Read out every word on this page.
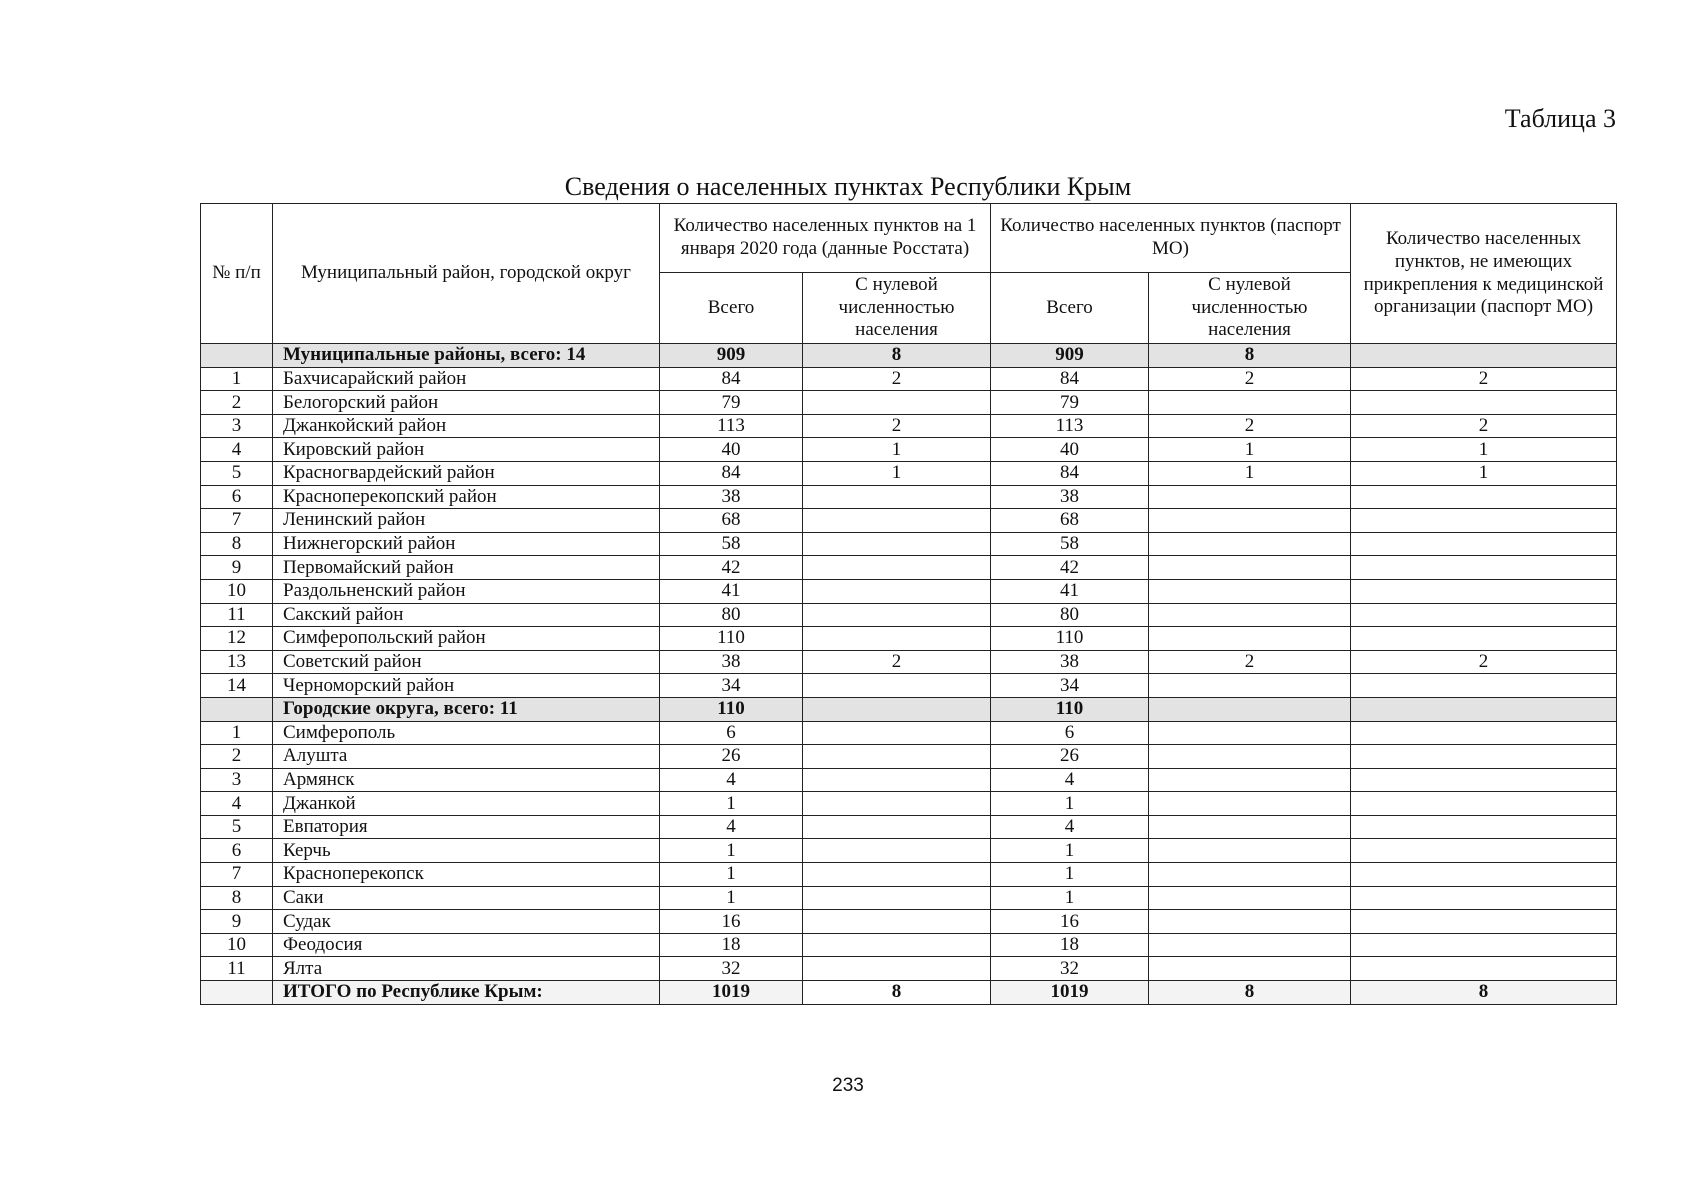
Таблица 3
Сведения о населенных пунктах Республики Крым
№ п/п	Муниципальный район, городской округ	Количество населенных пунктов на 1 января 2020 года (данные Росстата)		Количество населенных пунктов (паспорт МО)		Количество населенных пунктов, не имеющих прикрепления к медицинской организации (паспорт МО)
		Всего	С нулевой численностью населения	Всего	С нулевой численностью населения	
	Муниципальные районы, всего: 14	909	8	909	8	
1	Бахчисарайский район	84	2	84	2	2
2	Белогорский район	79		79		
3	Джанкойский район	113	2	113	2	2
4	Кировский район	40	1	40	1	1
5	Красногвардейский район	84	1	84	1	1
6	Красноперекопский район	38		38		
7	Ленинский район	68		68		
8	Нижнегорский район	58		58		
9	Первомайский район	42		42		
10	Раздольненский район	41		41		
11	Сакский район	80		80		
12	Симферопольский район	110		110		
13	Советский район	38	2	38	2	2
14	Черноморский район	34		34		
	Городские округа, всего: 11	110		110		
1	Симферополь	6		6		
2	Алушта	26		26		
3	Армянск	4		4		
4	Джанкой	1		1		
5	Евпатория	4		4		
6	Керчь	1		1		
7	Красноперекопск	1		1		
8	Саки	1		1		
9	Судак	16		16		
10	Феодосия	18		18		
11	Ялта	32		32		
	ИТОГО по Республике Крым:	1019	8	1019	8	8
233
